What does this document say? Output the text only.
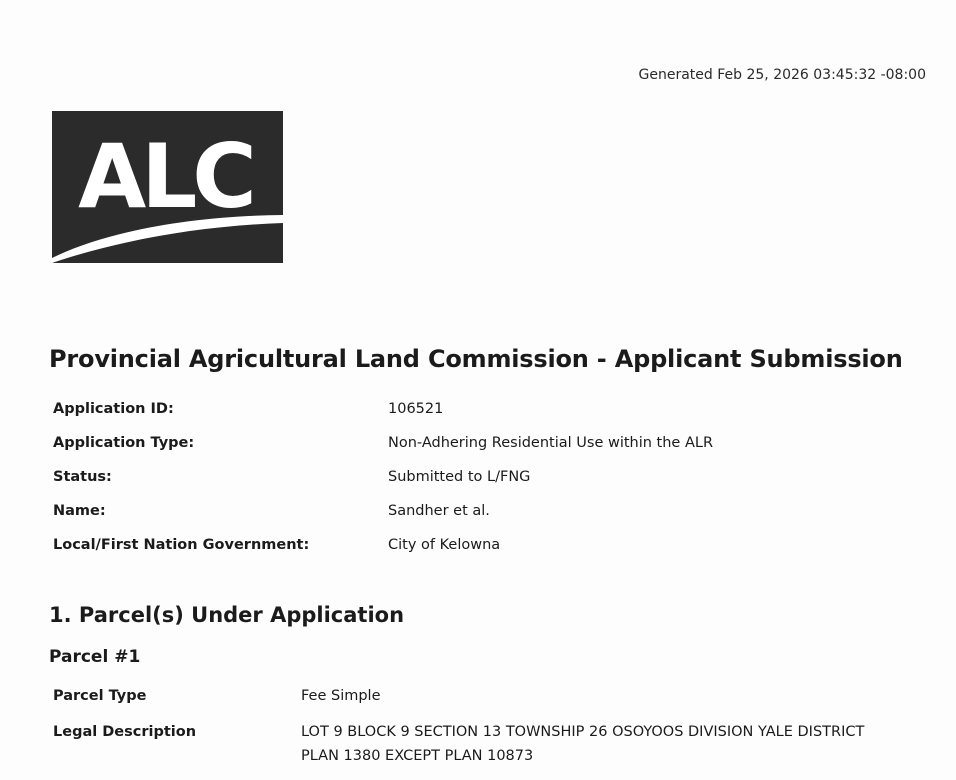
Generated Feb 25, 2026 03:45:32 -08:00
ALC
Provincial Agricultural Land Commission - Applicant Submission
Application ID:	106521
Application Type:	Non-Adhering Residential Use within the ALR
Status:	Submitted to L/FNG
Name:	Sandher et al.
Local/First Nation Government:	City of Kelowna
1. Parcel(s) Under Application
Parcel #1
Parcel Type	Fee Simple
Legal Description	LOT 9 BLOCK 9 SECTION 13 TOWNSHIP 26 OSOYOOS DIVISION YALE DISTRICT PLAN 1380 EXCEPT PLAN 10873
